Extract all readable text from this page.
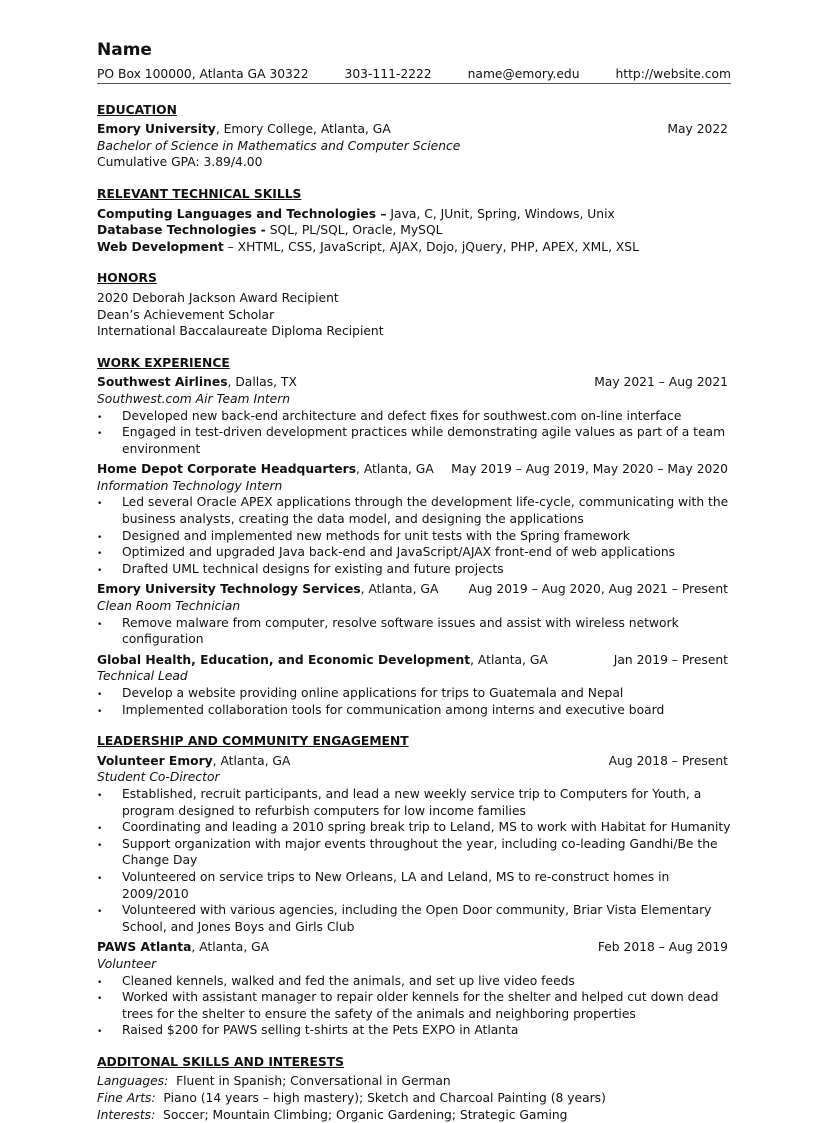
Name
PO Box 100000, Atlanta GA 30322	303-111-2222	name@emory.edu	http://website.com
EDUCATION
Emory University, Emory College, Atlanta, GA	May 2022
Bachelor of Science in Mathematics and Computer Science
Cumulative GPA: 3.89/4.00
RELEVANT TECHNICAL SKILLS
Computing Languages and Technologies – Java, C, JUnit, Spring, Windows, Unix
Database Technologies - SQL, PL/SQL, Oracle, MySQL
Web Development – XHTML, CSS, JavaScript, AJAX, Dojo, jQuery, PHP, APEX, XML, XSL
HONORS
2020 Deborah Jackson Award Recipient
Dean’s Achievement Scholar
International Baccalaureate Diploma Recipient
WORK EXPERIENCE
Southwest Airlines, Dallas, TX	May 2021 – Aug 2021
Southwest.com Air Team Intern
• Developed new back-end architecture and defect fixes for southwest.com on-line interface
• Engaged in test-driven development practices while demonstrating agile values as part of a team environment
Home Depot Corporate Headquarters, Atlanta, GA May 2019 – Aug 2019, May 2020 – May 2020
Information Technology Intern
• Led several Oracle APEX applications through the development life-cycle, communicating with the business analysts, creating the data model, and designing the applications
• Designed and implemented new methods for unit tests with the Spring framework
• Optimized and upgraded Java back-end and JavaScript/AJAX front-end of web applications
• Drafted UML technical designs for existing and future projects
Emory University Technology Services, Atlanta, GA Aug 2019 – Aug 2020, Aug 2021 – Present
Clean Room Technician
• Remove malware from computer, resolve software issues and assist with wireless network configuration
Global Health, Education, and Economic Development, Atlanta, GA	Jan 2019 – Present
Technical Lead
• Develop a website providing online applications for trips to Guatemala and Nepal
• Implemented collaboration tools for communication among interns and executive board
LEADERSHIP AND COMMUNITY ENGAGEMENT
Volunteer Emory, Atlanta, GA	Aug 2018 – Present
Student Co-Director
• Established, recruit participants, and lead a new weekly service trip to Computers for Youth, a program designed to refurbish computers for low income families
• Coordinating and leading a 2010 spring break trip to Leland, MS to work with Habitat for Humanity
• Support organization with major events throughout the year, including co-leading Gandhi/Be the Change Day
• Volunteered on service trips to New Orleans, LA and Leland, MS to re-construct homes in 2009/2010
• Volunteered with various agencies, including the Open Door community, Briar Vista Elementary School, and Jones Boys and Girls Club
PAWS Atlanta, Atlanta, GA	Feb 2018 – Aug 2019
Volunteer
• Cleaned kennels, walked and fed the animals, and set up live video feeds
• Worked with assistant manager to repair older kennels for the shelter and helped cut down dead trees for the shelter to ensure the safety of the animals and neighboring properties
• Raised $200 for PAWS selling t-shirts at the Pets EXPO in Atlanta
ADDITONAL SKILLS AND INTERESTS
Languages:  Fluent in Spanish; Conversational in German
Fine Arts:  Piano (14 years – high mastery); Sketch and Charcoal Painting (8 years)
Interests:  Soccer; Mountain Climbing; Organic Gardening; Strategic Gaming
